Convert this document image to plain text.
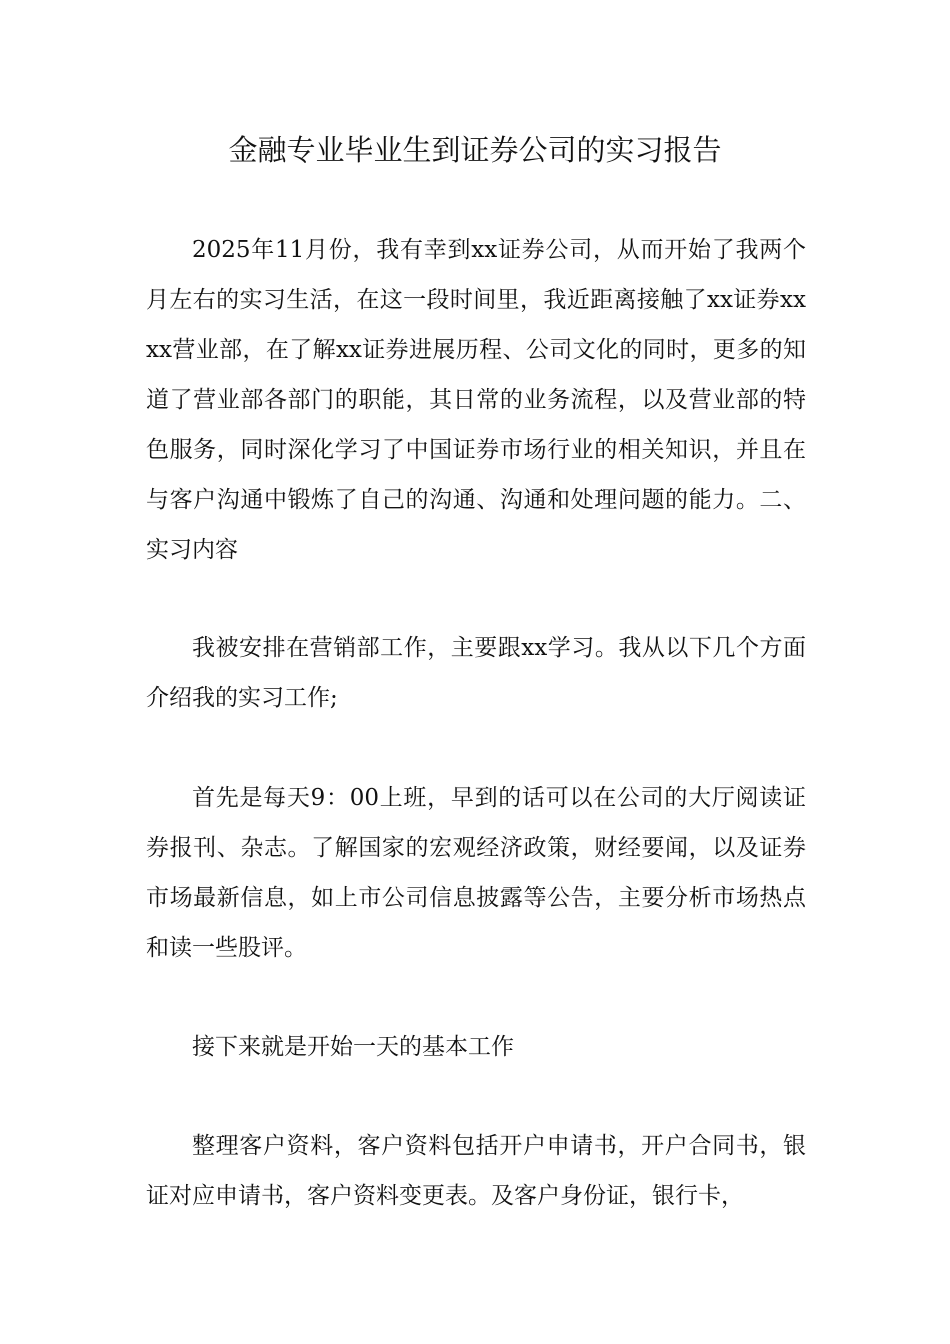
金融专业毕业生到证券公司的实习报告

2025年11月份，我有幸到xx证券公司，从而开始了我两个月左右的实习生活，在这一段时间里，我近距离接触了xx证券xxxx营业部，在了解xx证券进展历程、公司文化的同时，更多的知道了营业部各部门的职能，其日常的业务流程，以及营业部的特色服务，同时深化学习了中国证券市场行业的相关知识，并且在与客户沟通中锻炼了自己的沟通、沟通和处理问题的能力。二、实习内容

我被安排在营销部工作，主要跟xx学习。我从以下几个方面介绍我的实习工作;

首先是每天9：00上班，早到的话可以在公司的大厅阅读证券报刊、杂志。了解国家的宏观经济政策，财经要闻，以及证券市场最新信息，如上市公司信息披露等公告，主要分析市场热点和读一些股评。

接下来就是开始一天的基本工作

整理客户资料，客户资料包括开户申请书，开户合同书，银证对应申请书，客户资料变更表。及客户身份证，银行卡，
